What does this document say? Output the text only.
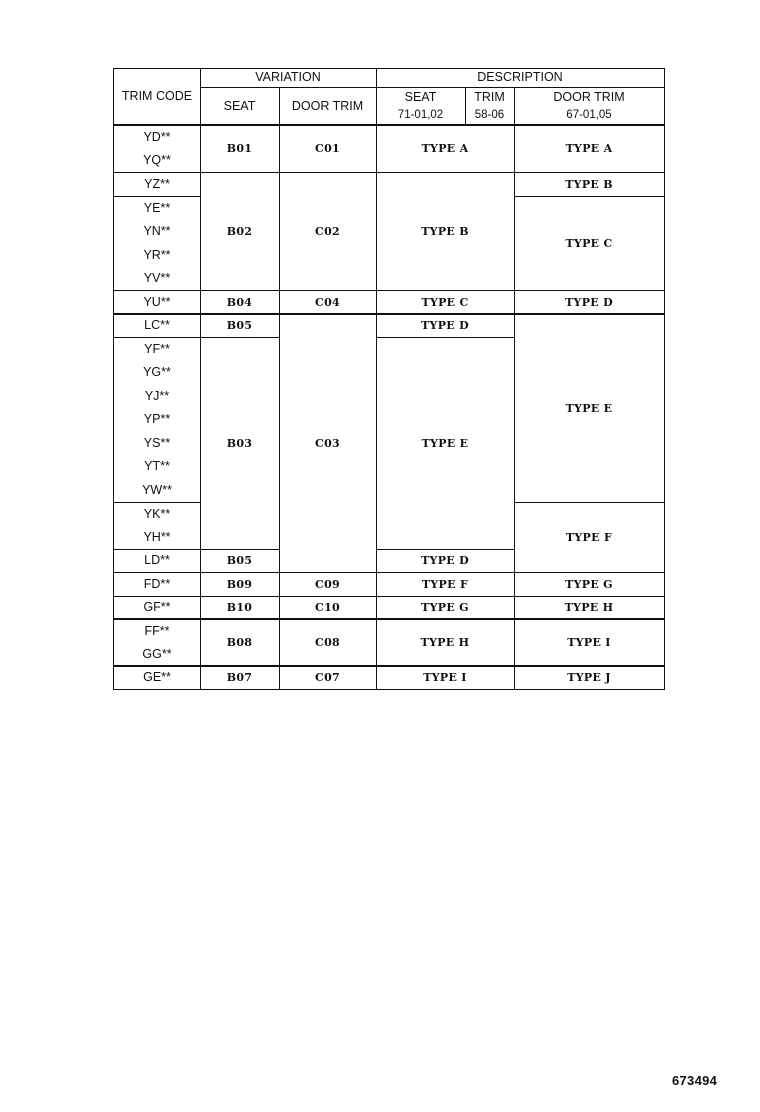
TRIM CODE
VARIATION	DESCRIPTION
SEAT	DOOR TRIM
SEAT
71-01,02
TRIM
58-06
DOOR TRIM
67-01,05
YD**
YQ**
YZ**
YE**
YN**
YR**
YV**
YU**
LC**
YF**
YG**
YJ**
YP**
YS**
YT**
YW**
YK**
YH**
LD**
FD**
GF**
FF**
GG**
GE**
B01
B02
B04
B05
B03
B05
B09
B10
B08
B07
C01
C02
C04
C03
C09
C10
C08
C07
TYPE A
TYPE B
TYPE C
TYPE D
TYPE E
TYPE D
TYPE F
TYPE G
TYPE H
TYPE I
TYPE A
TYPE B
TYPE C
TYPE D
TYPE E
TYPE F
TYPE G
TYPE H
TYPE I
TYPE J
673494
